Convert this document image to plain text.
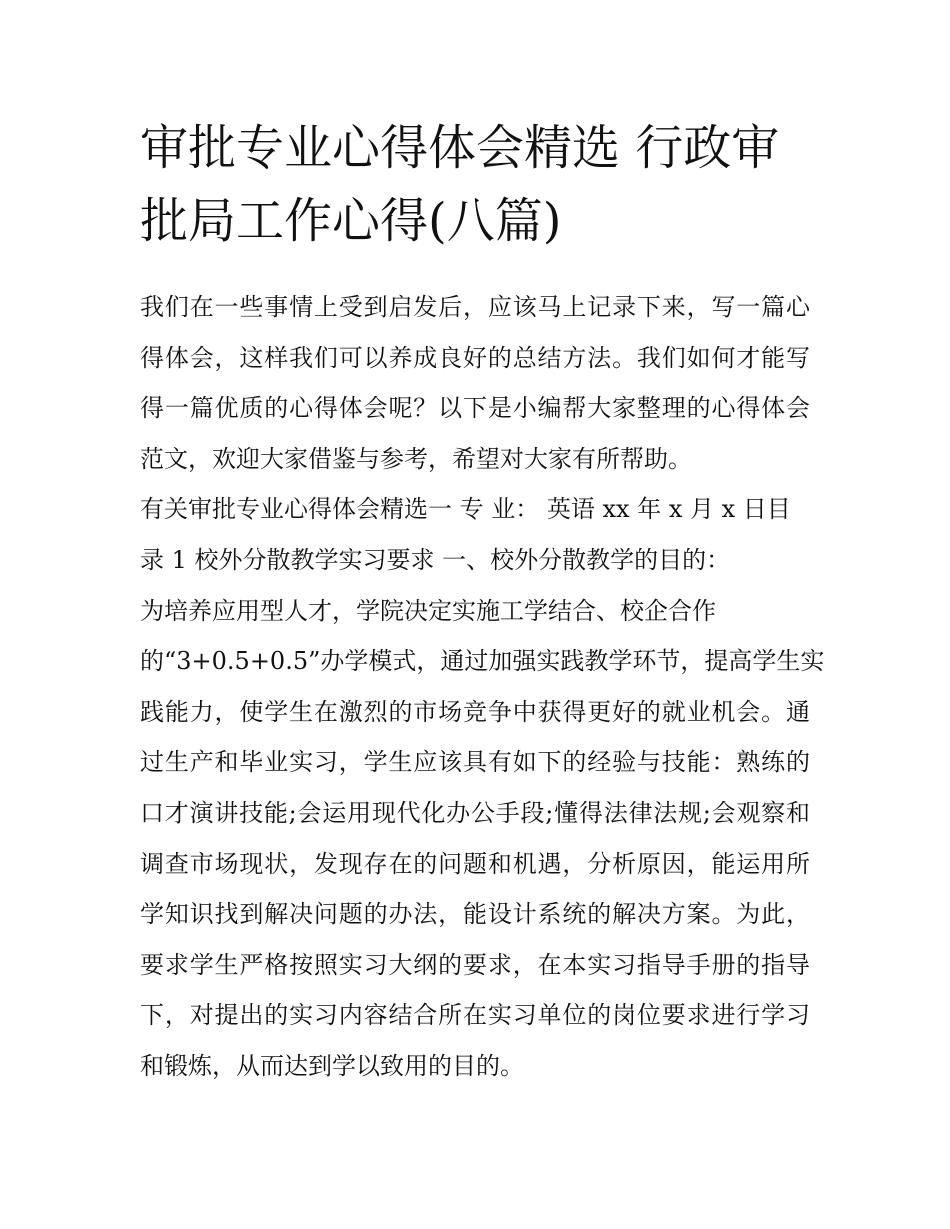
审批专业心得体会精选 行政审
批局工作心得(八篇)
我们在一些事情上受到启发后，应该马上记录下来，写一篇心
得体会，这样我们可以养成良好的总结方法。我们如何才能写
得一篇优质的心得体会呢？以下是小编帮大家整理的心得体会
范文，欢迎大家借鉴与参考，希望对大家有所帮助。
有关审批专业心得体会精选一 专 业： 英语 xx 年 x 月 x 日目
录 1 校外分散教学实习要求 一、校外分散教学的目的：
为培养应用型人才，学院决定实施工学结合、校企合作
的“3+0.5+0.5”办学模式，通过加强实践教学环节，提高学生实
践能力，使学生在激烈的市场竞争中获得更好的就业机会。通
过生产和毕业实习，学生应该具有如下的经验与技能：熟练的
口才演讲技能;会运用现代化办公手段;懂得法律法规;会观察和
调查市场现状，发现存在的问题和机遇，分析原因，能运用所
学知识找到解决问题的办法，能设计系统的解决方案。为此，
要求学生严格按照实习大纲的要求，在本实习指导手册的指导
下，对提出的实习内容结合所在实习单位的岗位要求进行学习
和锻炼，从而达到学以致用的目的。
